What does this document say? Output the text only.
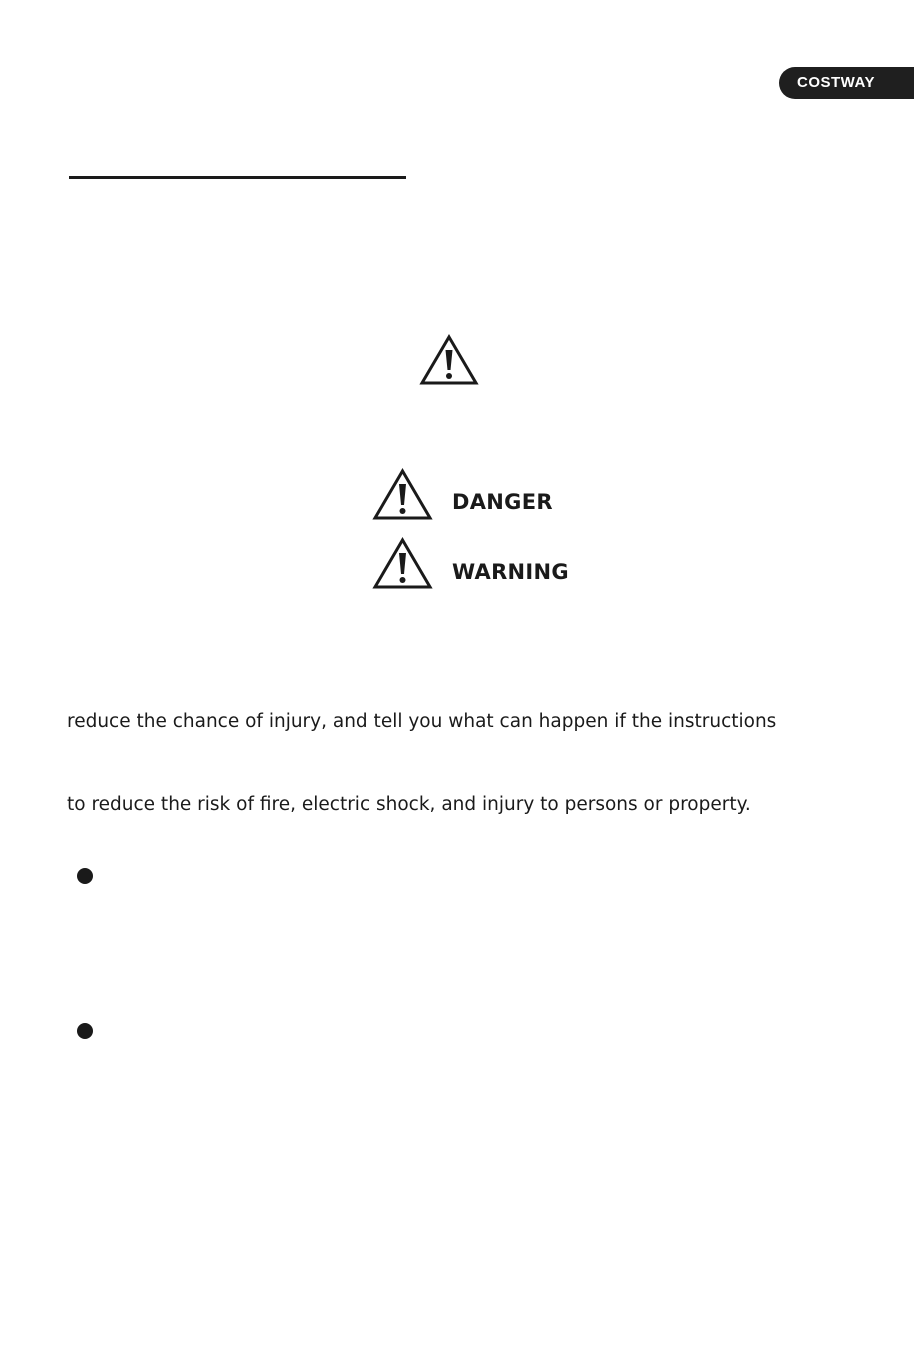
COSTWAY
DANGER
WARNING
reduce the chance of injury, and tell you what can happen if the instructions
to reduce the risk of fire, electric shock, and injury to persons or property.
